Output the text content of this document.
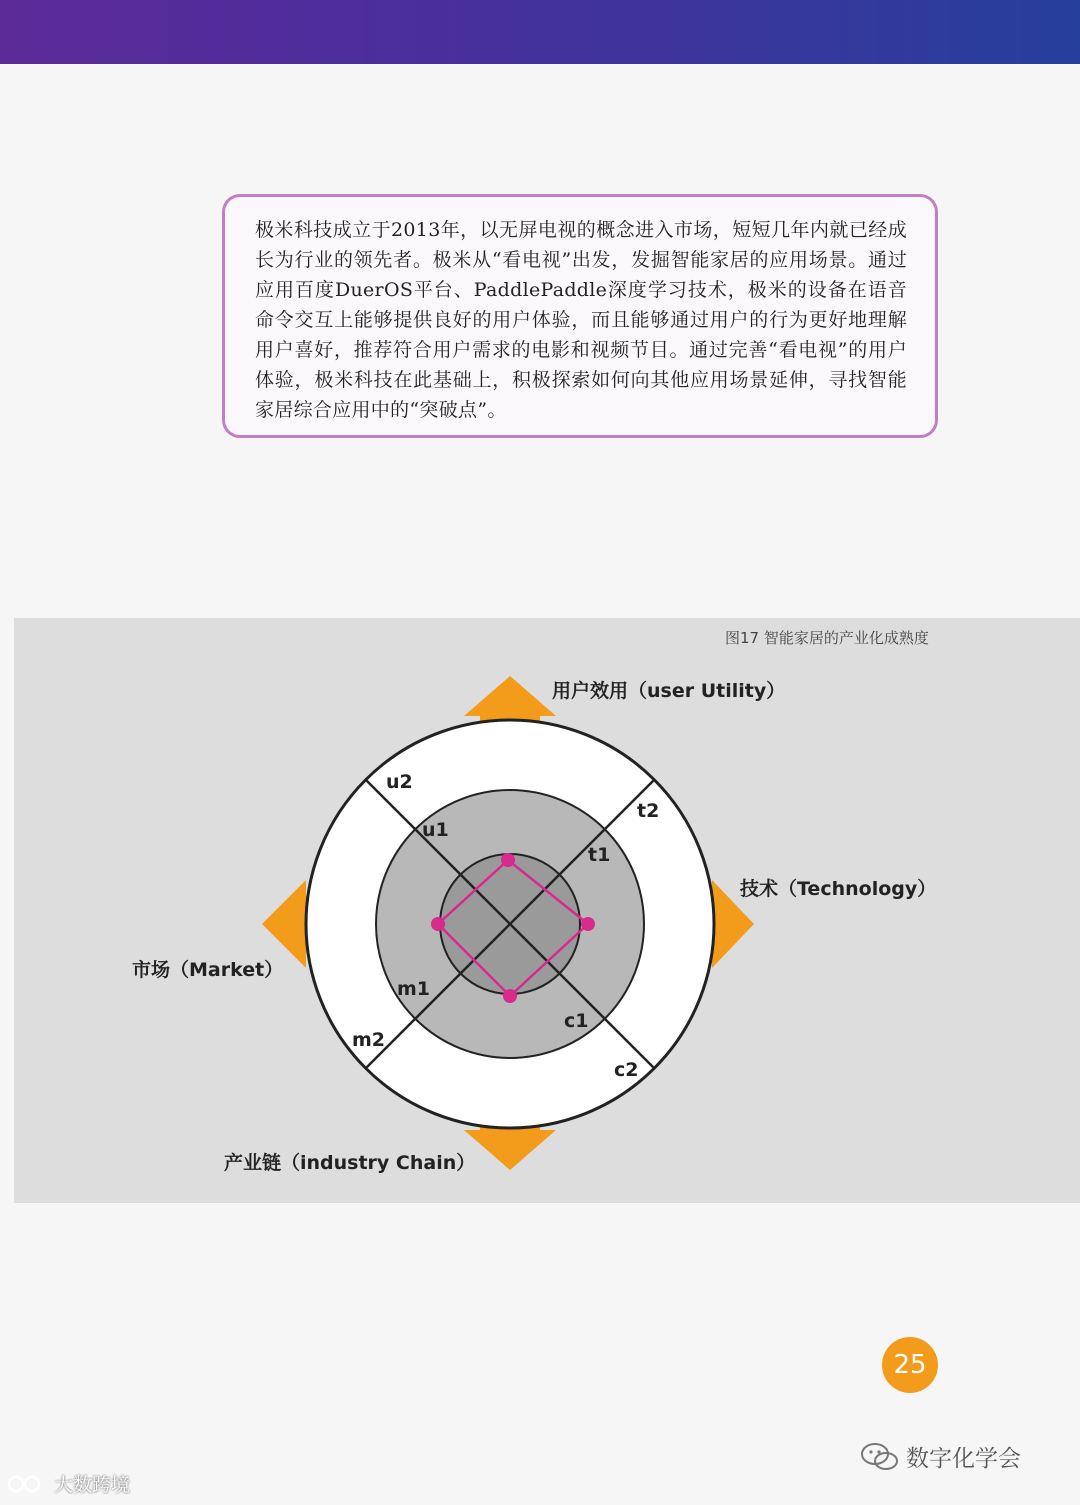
极米科技成立于2013年，以无屏电视的概念进入市场，短短几年内就已经成长为行业的领先者。极米从“看电视”出发，发掘智能家居的应用场景。通过应用百度DuerOS平台、PaddlePaddle深度学习技术，极米的设备在语音命令交互上能够提供良好的用户体验，而且能够通过用户的行为更好地理解用户喜好，推荐符合用户需求的电影和视频节目。通过完善“看电视”的用户体验，极米科技在此基础上，积极探索如何向其他应用场景延伸，寻找智能家居综合应用中的“突破点”。
图17 智能家居的产业化成熟度
u2
u1
t2
t1
m1
m2
c1
c2
用户效用（user Utility）
技术（Technology）
市场（Market）
产业链（industry Chain）
25
数字化学会
大数跨境
